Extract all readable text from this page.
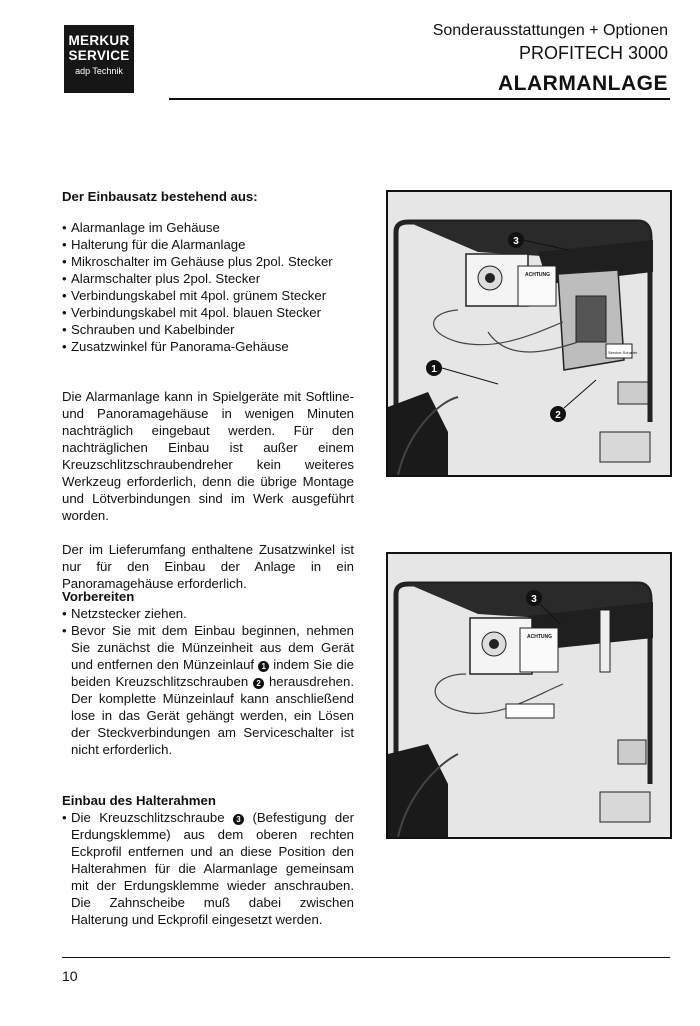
MERKUR
SERVICE
adp Technik
Sonderausstattungen + Optionen
PROFITECH 3000
ALARMANLAGE
Der Einbausatz bestehend aus:
• Alarmanlage im Gehäuse
• Halterung für die Alarmanlage
• Mikroschalter im Gehäuse plus 2pol. Stecker
• Alarmschalter plus 2pol. Stecker
• Verbindungskabel mit 4pol. grünem Stecker
• Verbindungskabel mit 4pol. blauen Stecker
• Schrauben und Kabelbinder
• Zusatzwinkel für Panorama-Gehäuse

Die Alarmanlage kann in Spielgeräte mit Softline- und Panoramagehäuse in wenigen Minuten nachträglich eingebaut werden. Für den nachträglichen Einbau ist außer einem Kreuzschlitzschraubendreher kein weiteres Werkzeug erforderlich, denn die übrige Montage und Lötverbindungen sind im Werk ausgeführt worden.

Der im Lieferumfang enthaltene Zusatzwinkel ist nur für den Einbau der Anlage in ein Panoramagehäuse erforderlich.

Vorbereiten
• Netzstecker ziehen.
• Bevor Sie mit dem Einbau beginnen, nehmen Sie zunächst die Münzeinheit aus dem Gerät und entfernen den Münzeinlauf 1 indem Sie die beiden Kreuzschlitzschrauben 2 herausdrehen. Der komplette Münzeinlauf kann anschließend lose in das Gerät gehängt werden, ein Lösen der Steckverbindungen am Serviceschalter ist nicht erforderlich.
Einbau des Halterahmen
• Die Kreuzschlitzschraube 3 (Befestigung der Erdungsklemme) aus dem oberen rechten Eckprofil entfernen und an diese Position den Halterahmen für die Alarmanlage gemeinsam mit der Erdungsklemme wieder anschrauben. Die Zahnscheibe muß dabei zwischen Halterung und Eckprofil eingesetzt werden.
3
1
2
ACHTUNG
Service-Schalter
3
ACHTUNG
10
